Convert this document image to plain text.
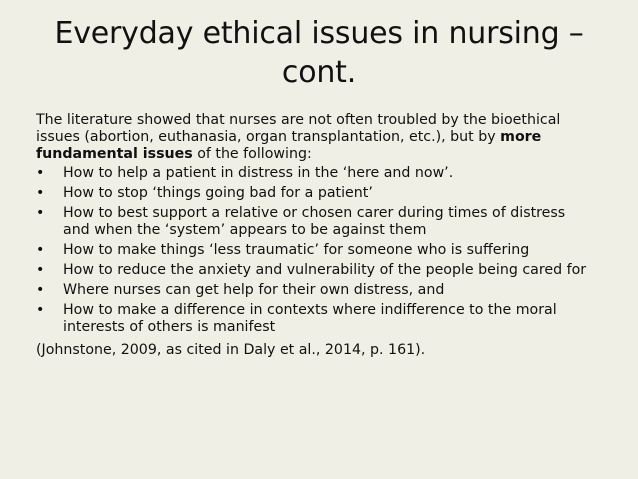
Everyday ethical issues in nursing –
cont.

The literature showed that nurses are not often troubled by the bioethical issues (abortion, euthanasia, organ transplantation, etc.), but by more fundamental issues of the following:

• How to help a patient in distress in the ‘here and now’.
• How to stop ‘things going bad for a patient’
• How to best support a relative or chosen carer during times of distress and when the ‘system’ appears to be against them
• How to make things ‘less traumatic’ for someone who is suffering
• How to reduce the anxiety and vulnerability of the people being cared for
• Where nurses can get help for their own distress, and
• How to make a difference in contexts where indifference to the moral interests of others is manifest

(Johnstone, 2009, as cited in Daly et al., 2014, p. 161).
